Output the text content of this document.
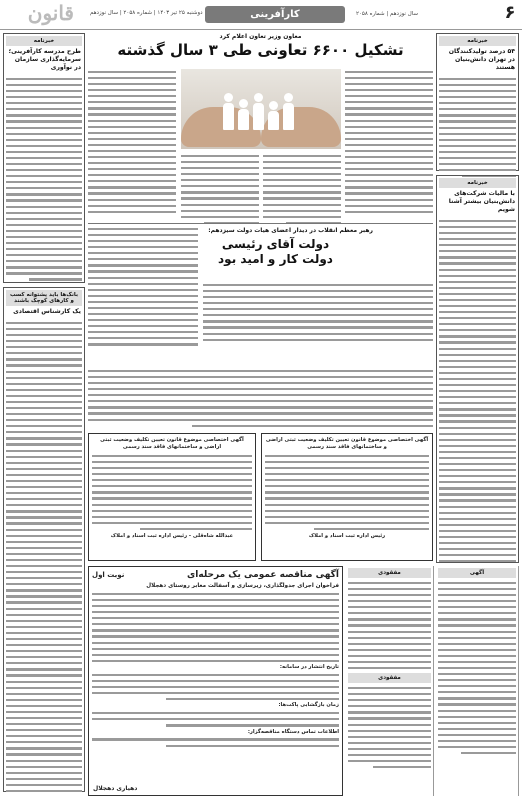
قانون	دوشنبه ۲۵ تیر ۱۴۰۳ | شماره ۲۰۵۸ | سال نوزدهم	کارآفرینی	سال نوزدهم | شماره ۲۰۵۸	۶
خبرنامه
طرح مدرسه کارآفرینی؛ سرمایه‌گذاری سازمان در نوآوری
بانک‌ها باید پشتوانه کسب و کارهای کوچک باشند
یک کارشناس اقتصادی
خبرنامه
۵۴ درصد تولیدکنندگان در تهران دانش‌بنیان هستند
خبرنامه
با مالیات شرکت‌های دانش‌بنیان بیشتر آشنا شویم
معاون وزیر تعاون اعلام کرد
تشکیل ۶۶۰۰ تعاونی طی ۳ سال گذشته
رهبر معظم انقلاب در دیدار اعضای هیات دولت سیزدهم:
دولت آقای رئیسی
دولت کار و امید بود
آگهی اختصاصی موضوع قانون تعیین تکلیف وضعیت ثبتی اراضی و ساختمانهای فاقد سند رسمی
عبدالله شاه‌قلی - رئیس اداره ثبت اسناد و املاک
آگهی اختصاصی موضوع قانون تعیین تکلیف وضعیت ثبتی اراضی و ساختمانهای فاقد سند رسمی
رئیس اداره ثبت اسناد و املاک
آگهی مناقصه عمومی یک مرحله‌ای
نوبت اول
فراخوان اجرای جدولگذاری، زیرسازی و آسفالت معابر روستای دهجلال
تاریخ انتشار در سامانه:
زمان بازگشایی پاکت‌ها:
اطلاعات تماس دستگاه مناقصه‌گزار:
دهیاری دهجلال
مفقودی
مفقودی
آگهی
